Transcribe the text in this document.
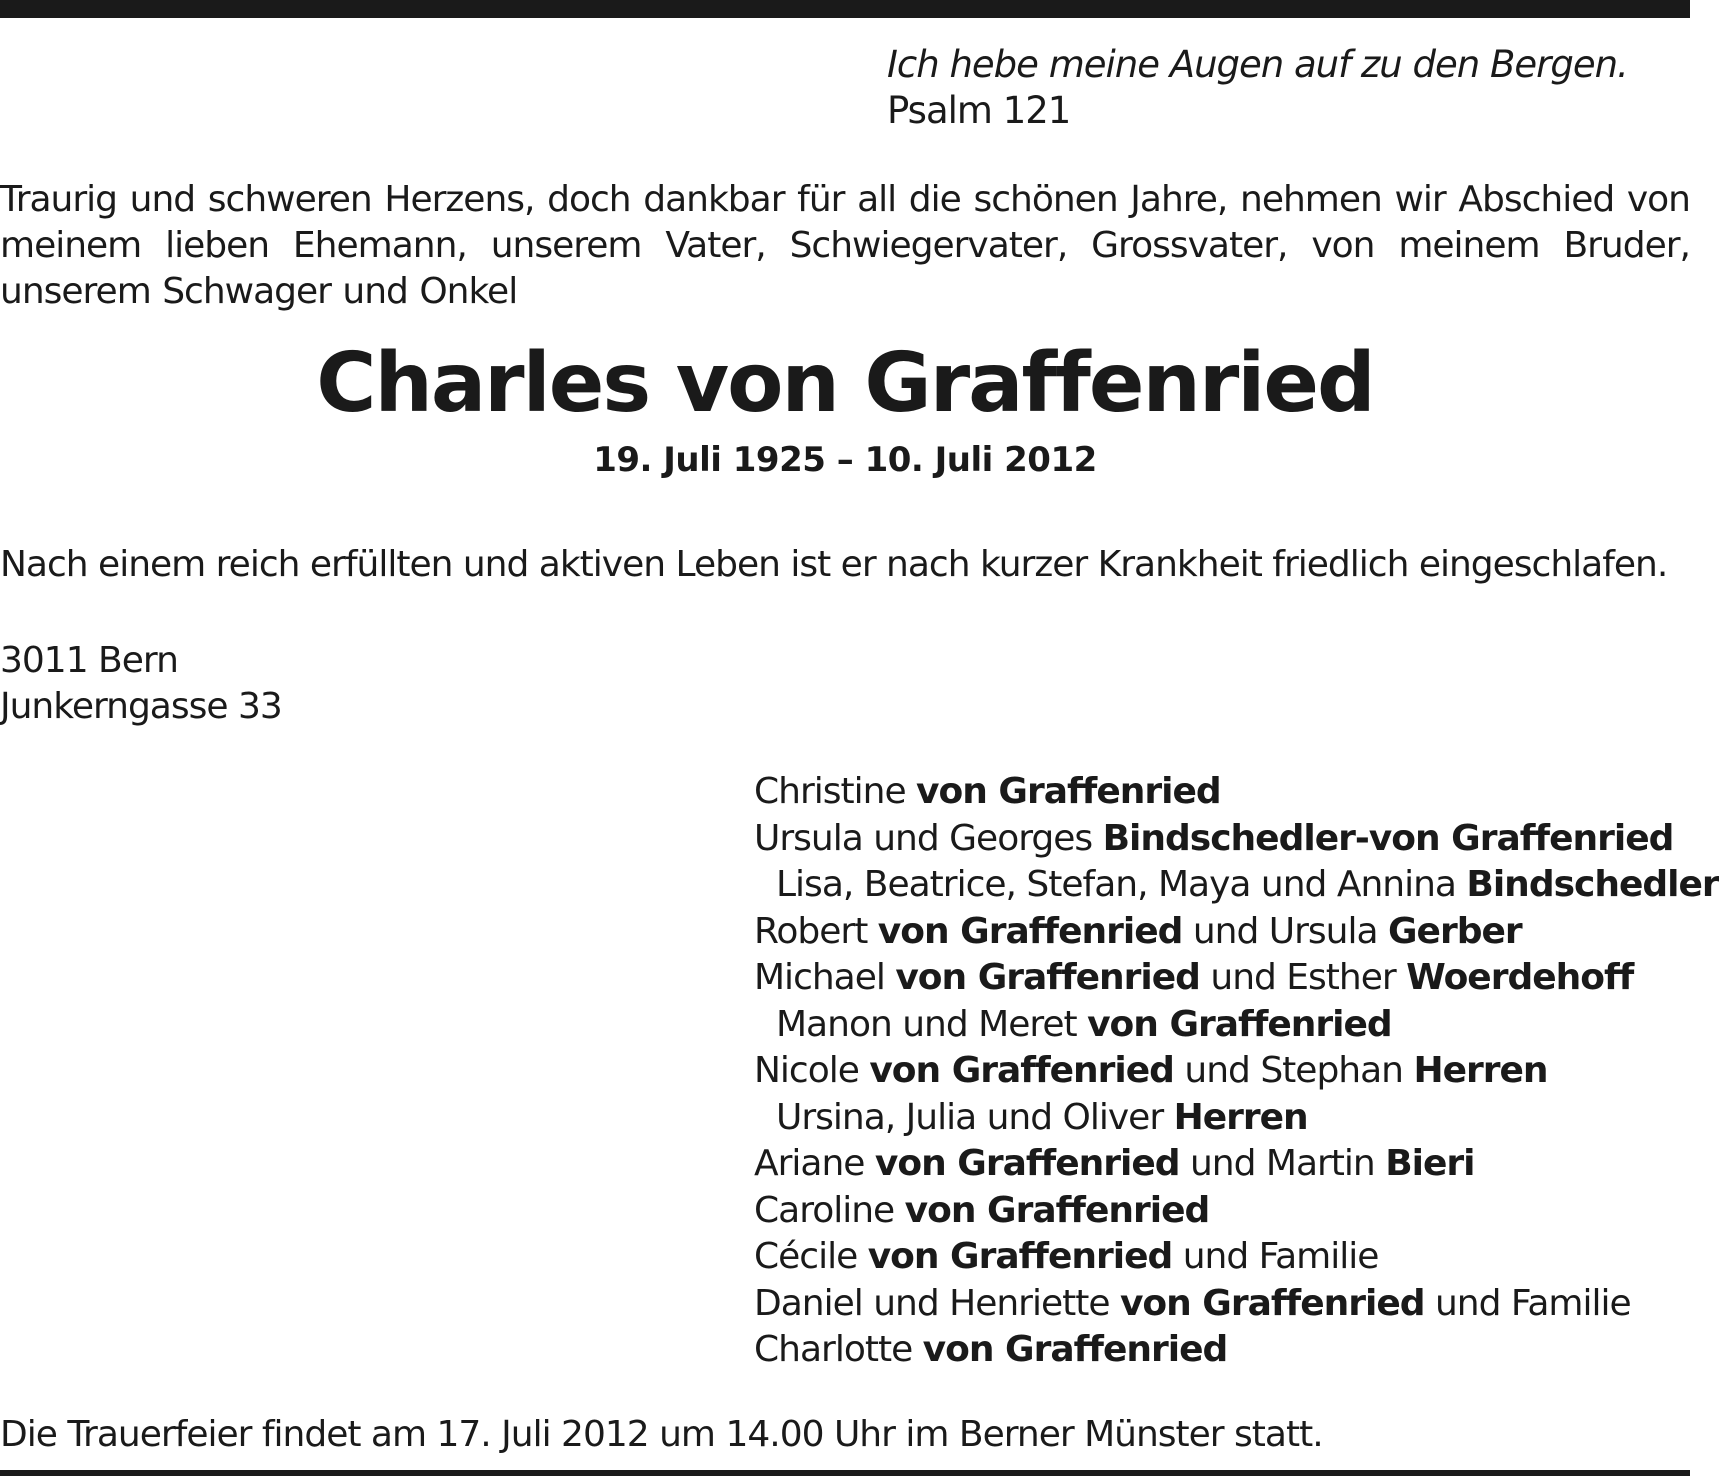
Ich hebe meine Augen auf zu den Bergen.
Psalm 121
Traurig und schweren Herzens, doch dankbar für all die schönen Jahre, nehmen wir Abschied von meinem lieben Ehemann, unserem Vater, Schwiegervater, Grossvater, von meinem Bruder, unserem Schwager und Onkel
Charles von Graffenried
19. Juli 1925 – 10. Juli 2012
Nach einem reich erfüllten und aktiven Leben ist er nach kurzer Krankheit friedlich eingeschlafen.
3011 Bern
Junkerngasse 33
Christine von Graffenried
Ursula und Georges Bindschedler-von Graffenried
Lisa, Beatrice, Stefan, Maya und Annina Bindschedler
Robert von Graffenried und Ursula Gerber
Michael von Graffenried und Esther Woerdehoff
Manon und Meret von Graffenried
Nicole von Graffenried und Stephan Herren
Ursina, Julia und Oliver Herren
Ariane von Graffenried und Martin Bieri
Caroline von Graffenried
Cécile von Graffenried und Familie
Daniel und Henriette von Graffenried und Familie
Charlotte von Graffenried
Die Trauerfeier findet am 17. Juli 2012 um 14.00 Uhr im Berner Münster statt.
